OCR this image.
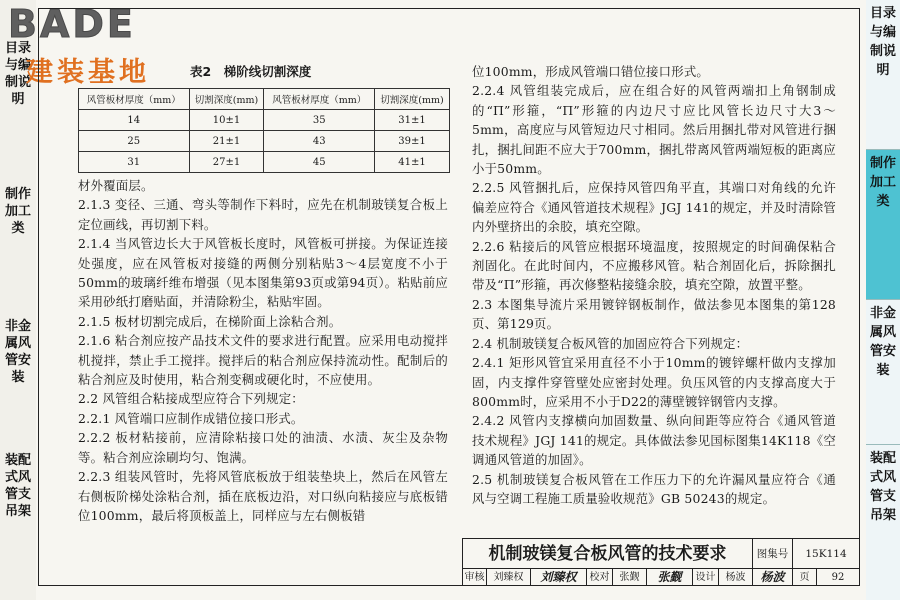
目录与编制说明
制作加工类
非金属风管安装
装配式风管支吊架
BADE
建装基地	表2　梯阶线切割深度
风管板材厚度（mm）	切割深度(mm)	风管板材厚度（mm）	切割深度(mm)
14	10±1	35	31±1
25	21±1	43	39±1
31	27±1	45	41±1

材外覆面层。

2.1.3 变径、三通、弯头等制作下料时，应先在机制玻镁复合板上定位画线，再切割下料。

2.1.4 当风管边长大于风管板长度时，风管板可拼接。为保证连接处强度，应在风管板对接缝的两侧分别粘贴3～4层宽度不小于50mm的玻璃纤维布增强（见本图集第93页或第94页）。粘贴前应采用砂纸打磨贴面，并清除粉尘，粘贴牢固。

2.1.5 板材切割完成后，在梯阶面上涂粘合剂。

2.1.6 粘合剂应按产品技术文件的要求进行配置。应采用电动搅拌机搅拌，禁止手工搅拌。搅拌后的粘合剂应保持流动性。配制后的粘合剂应及时使用，粘合剂变稠或硬化时，不应使用。

2.2 风管组合粘接成型应符合下列规定：

2.2.1 风管端口应制作成错位接口形式。

2.2.2 板材粘接前，应清除粘接口处的油渍、水渍、灰尘及杂物等。粘合剂应涂刷均匀、饱满。

2.2.3 组装风管时，先将风管底板放于组装垫块上，然后在风管左右侧板阶梯处涂粘合剂，插在底板边沿，对口纵向粘接应与底板错位100mm，最后将顶板盖上，同样应与左右侧板错

位100mm，形成风管端口错位接口形式。

2.2.4 风管组装完成后，应在组合好的风管两端扣上角钢制成的“Π”形箍，“Π”形箍的内边尺寸应比风管长边尺寸大3～5mm，高度应与风管短边尺寸相同。然后用捆扎带对风管进行捆扎，捆扎间距不应大于700mm，捆扎带离风管两端短板的距离应小于50mm。

2.2.5 风管捆扎后，应保持风管四角平直，其端口对角线的允许偏差应符合《通风管道技术规程》JGJ 141的规定，并及时清除管内外壁挤出的余胶，填充空隙。

2.2.6 粘接后的风管应根据环境温度，按照规定的时间确保粘合剂固化。在此时间内，不应搬移风管。粘合剂固化后，拆除捆扎带及“Π”形箍，再次修整粘接缝余胶，填充空隙，放置平整。

2.3 本图集导流片采用镀锌钢板制作，做法参见本图集的第128页、第129页。

2.4 机制玻镁复合板风管的加固应符合下列规定：

2.4.1 矩形风管宜采用直径不小于10mm的镀锌螺杆做内支撑加固，内支撑件穿管壁处应密封处理。负压风管的内支撑高度大于800mm时，应采用不小于D22的薄壁镀锌钢管内支撑。

2.4.2 风管内支撑横向加固数量、纵向间距等应符合《通风管道技术规程》JGJ 141的规定。具体做法参见国标图集14K118《空调通风管道的加固》。

2.5 机制玻镁复合板风管在工作压力下的允许漏风量应符合《通风与空调工程施工质量验收规范》GB 50243的规定。

机制玻镁复合板风管的技术要求	图集号	15K114
审核 刘臻权	刘臻权	校对	张觐	张觐	设计	杨波	杨波	页	92
目录与编制说明
制作加工类
非金属风管安装
装配式风管支吊架
